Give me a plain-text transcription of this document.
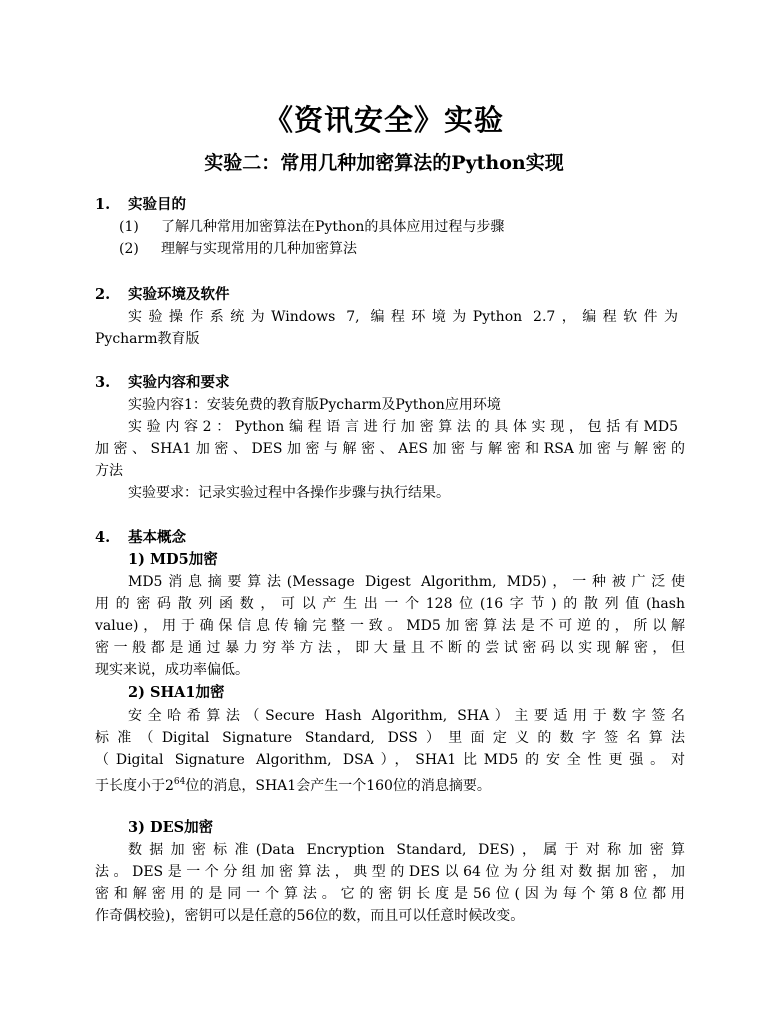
《资讯安全》实验
实验二：常用几种加密算法的Python实现
1. 实验目的
(1) 了解几种常用加密算法在Python的具体应用过程与步骤
(2) 理解与实现常用的几种加密算法
2. 实验环境及软件
实验操作系统为Windows 7, 编程环境为Python 2.7，编程软件为
Pycharm教育版
3. 实验内容和要求
实验内容1：安装免费的教育版Pycharm及Python应用环境
实验内容2：Python编程语言进行加密算法的具体实现，包括有MD5
加密、SHA1加密、DES加密与解密、AES加密与解密和RSA加密与解密的
方法
实验要求：记录实验过程中各操作步骤与执行结果。
4. 基本概念
1) MD5加密
MD5消息摘要算法(Message Digest Algorithm, MD5)，一种被广泛使
用的密码散列函数，可以产生出一个128位(16字节)的散列值(hash
value)，用于确保信息传输完整一致。MD5加密算法是不可逆的，所以解
密一般都是通过暴力穷举方法，即大量且不断的尝试密码以实现解密，但
现实来说，成功率偏低。
2) SHA1加密
安全哈希算法（Secure Hash Algorithm, SHA）主要适用于数字签名
标准（Digital Signature Standard, DSS）里面定义的数字签名算法
（Digital Signature Algorithm, DSA），SHA1比MD5的安全性更强。对
于长度小于$2^{64}$位的消息，SHA1会产生一个160位的消息摘要。
3) DES加密
数据加密标准(Data Encryption Standard, DES)，属于对称加密算
法。DES是一个分组加密算法，典型的DES以64位为分组对数据加密，加
密和解密用的是同一个算法。它的密钥长度是56位(因为每个第8位都用
作奇偶校验)，密钥可以是任意的56位的数，而且可以任意时候改变。
